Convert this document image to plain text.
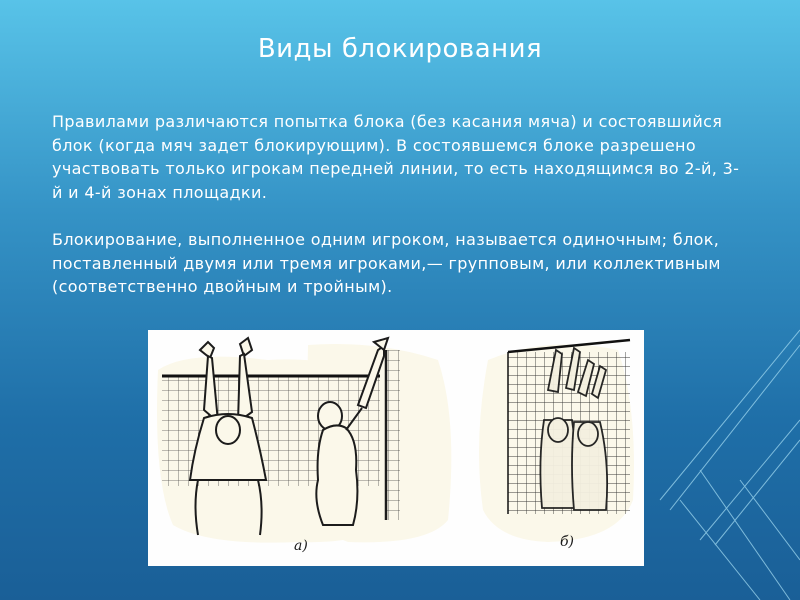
Виды блокирования

Правилами различаются попытка блока (без касания мяча) и состоявшийся блок (когда мяч задет блокирующим). В состоявшемся блоке разрешено участвовать только игрокам передней линии, то есть находящимся во 2-й, 3-й и 4-й зонах площадки.

Блокирование, выполненное одним игроком, называется одиночным; блок, поставленный двумя или тремя игроками,— групповым, или коллективным (соответственно двойным и тройным).

а)	б)
